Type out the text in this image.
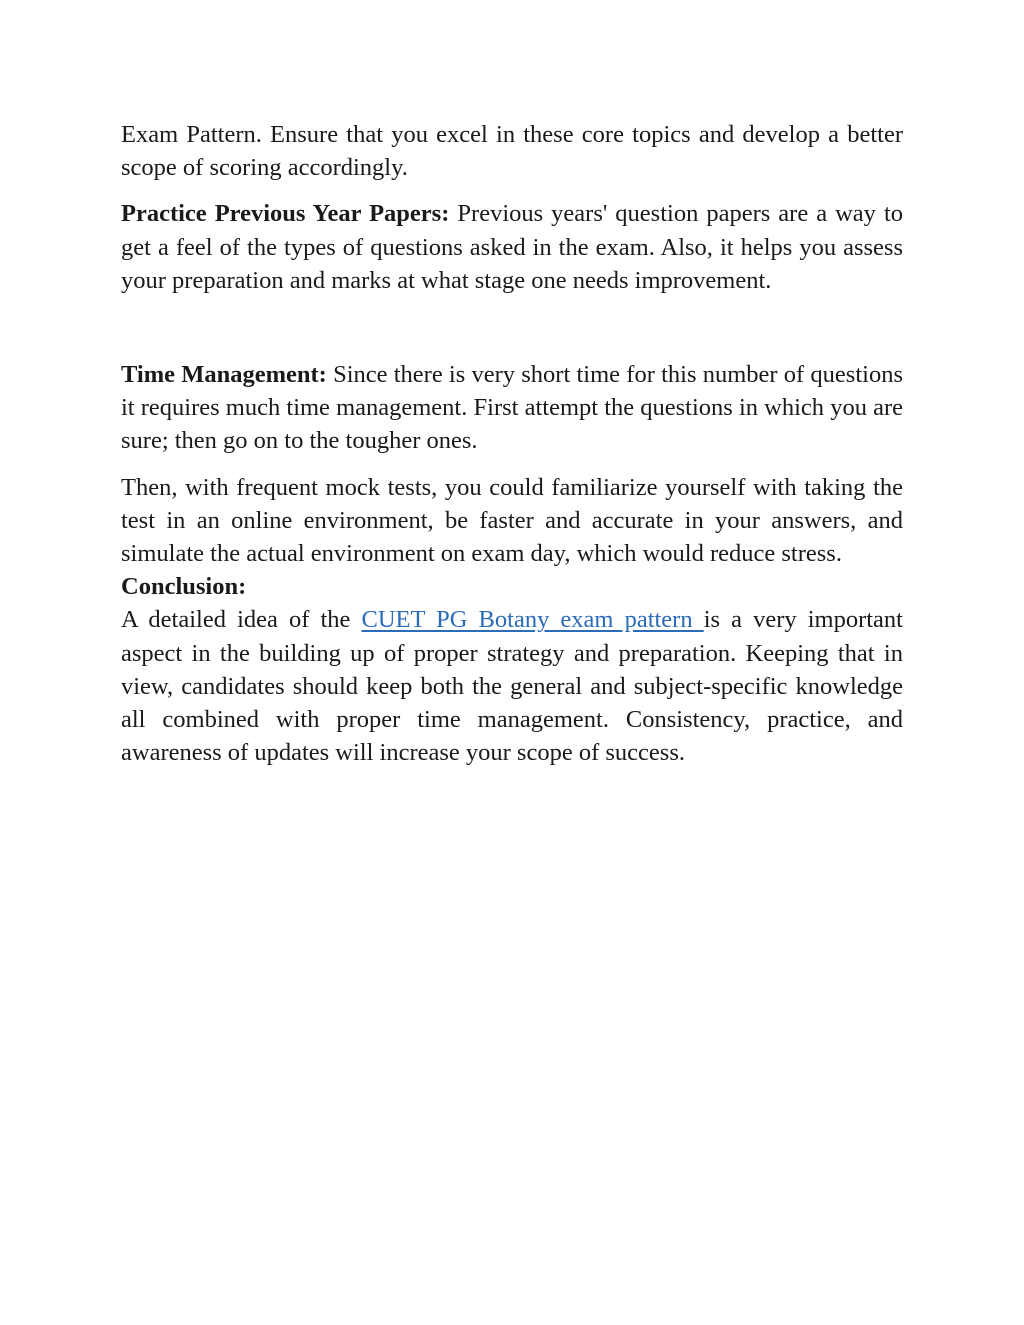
Exam Pattern. Ensure that you excel in these core topics and develop a better scope of scoring accordingly.

Practice Previous Year Papers: Previous years' question papers are a way to get a feel of the types of questions asked in the exam. Also, it helps you assess your preparation and marks at what stage one needs improvement.

Time Management: Since there is very short time for this number of questions it requires much time management. First attempt the questions in which you are sure; then go on to the tougher ones.

Then, with frequent mock tests, you could familiarize yourself with taking the test in an online environment, be faster and accurate in your answers, and simulate the actual environment on exam day, which would reduce stress.

Conclusion:

A detailed idea of the CUET PG Botany exam pattern is a very important aspect in the building up of proper strategy and preparation. Keeping that in view, candidates should keep both the general and subject-specific knowledge all combined with proper time management. Consistency, practice, and awareness of updates will increase your scope of success.
